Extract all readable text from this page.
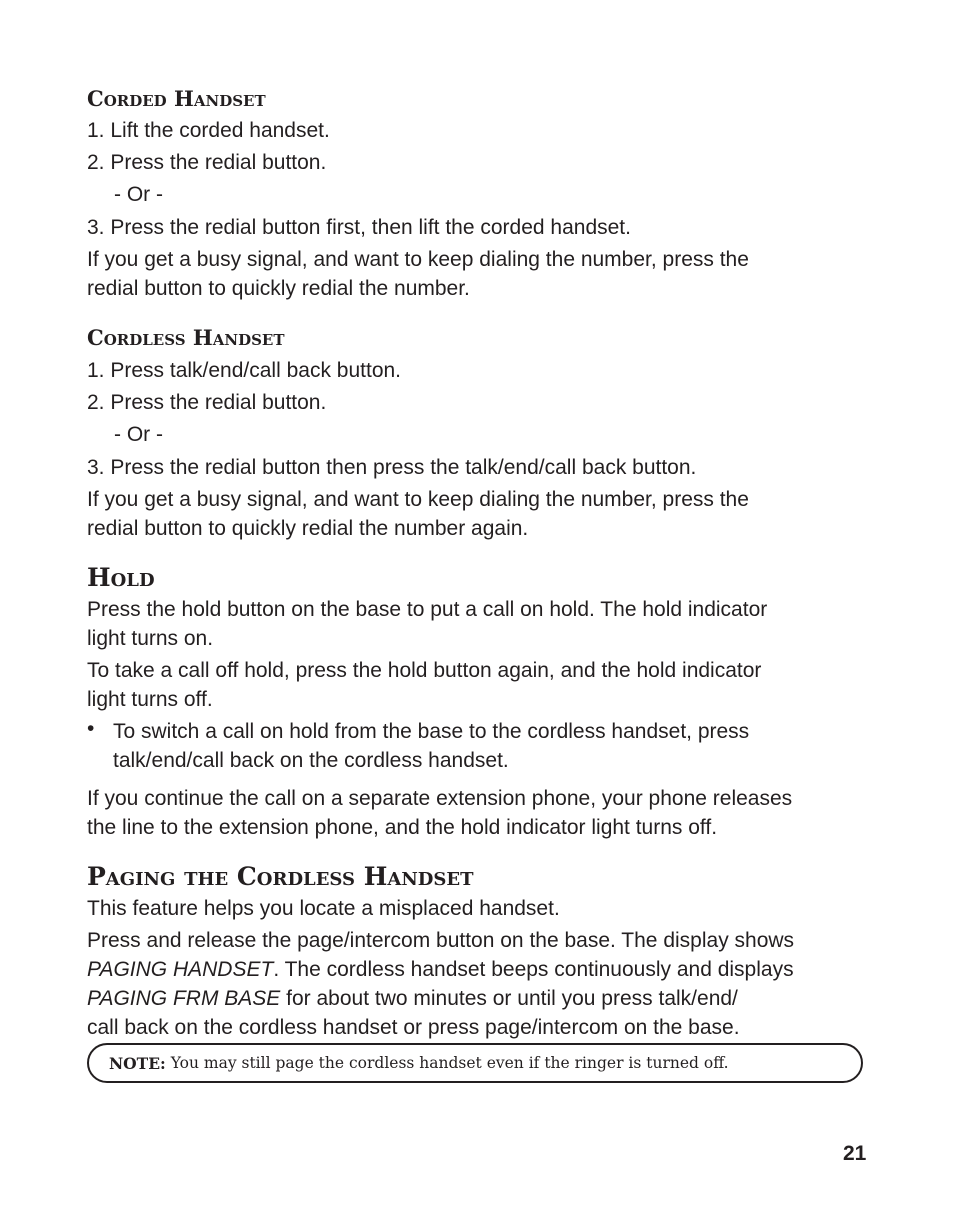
Corded Handset
1. Lift the corded handset.
2. Press the redial button.
- Or -
3. Press the redial button first, then lift the corded handset.
If you get a busy signal, and want to keep dialing the number, press the
redial button to quickly redial the number.
Cordless Handset
1. Press talk/end/call back button.
2. Press the redial button.
- Or -
3. Press the redial button then press the talk/end/call back button.
If you get a busy signal, and want to keep dialing the number, press the
redial button to quickly redial the number again.
Hold
Press the hold button on the base to put a call on hold. The hold indicator
light turns on.
To take a call off hold, press the hold button again, and the hold indicator
light turns off.
• To switch a call on hold from the base to the cordless handset, press
talk/end/call back on the cordless handset.
If you continue the call on a separate extension phone, your phone releases
the line to the extension phone, and the hold indicator light turns off.
Paging the Cordless Handset
This feature helps you locate a misplaced handset.
Press and release the page/intercom button on the base. The display shows
PAGING HANDSET. The cordless handset beeps continuously and displays
PAGING FRM BASE for about two minutes or until you press talk/end/
call back on the cordless handset or press page/intercom on the base.
NOTE: You may still page the cordless handset even if the ringer is turned off.
21
